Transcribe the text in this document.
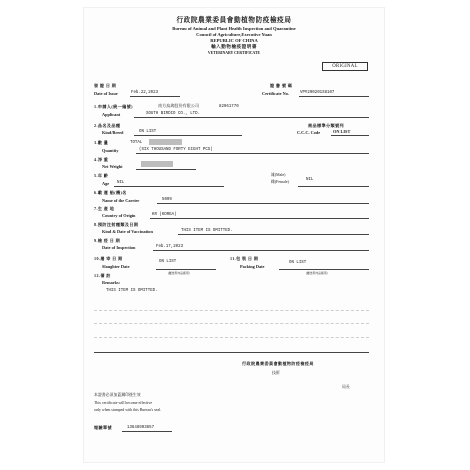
行政院農業委員會動植物防疫檢疫局
Bureau of Animal and Plant Health Inspection and Quarantine
Council of Agriculture,Executive Yuan
REPUBLIC OF CHINA
輸入動物檢疫證明書
VETERINARY CERTIFICATE
ORIGINAL
發 證 日 期
Date of Issue	Feb.22,2023
證 書 號 碼
Certificate No.	VP#200201S8107
1.申請人(統一編號)	南方鳥禽股份有限公司	82961770
Applicant	SOUTH BIRDIO CO., LTD.
2.品名及品種
Kind/Breed	ON LIST
商品標準分類號列
C.C.C. Code	ON LIST
3.數 量	TOTAL
Quantity	(SIX THOUSAND FORTY EIGHT PCS)
4.淨 重
Net Weight
5.年 齡
Age NIL
雄(Male)
雌(Female)	NIL
6.載 運 船(機)名
Name of the Carrier	5009
7.生 產 地
Country of Origin	KR (KOREA)
8.預防注射種類及日期
Kind & Date of Vaccination	THIS ITEM IS OMITTED.
9.檢 疫 日 期
Date of Inspection	Feb.17,2023
10.屠 宰 日 期
Slaughter Date
ON LIST
(屬食用肉品適用)
11.包 裝 日 期
Packing Date
ON LIST
(屬食用肉品適用)
12.備 註
Remarks:
THIS ITEM IS OMITTED.
行政院農業委員會動植物防疫檢疫局
技術
局長
本證書必須加蓋鋼印後生效
This certificate will become effective
only when stamped with this Bureau's seal.
報驗單號	13648903857
